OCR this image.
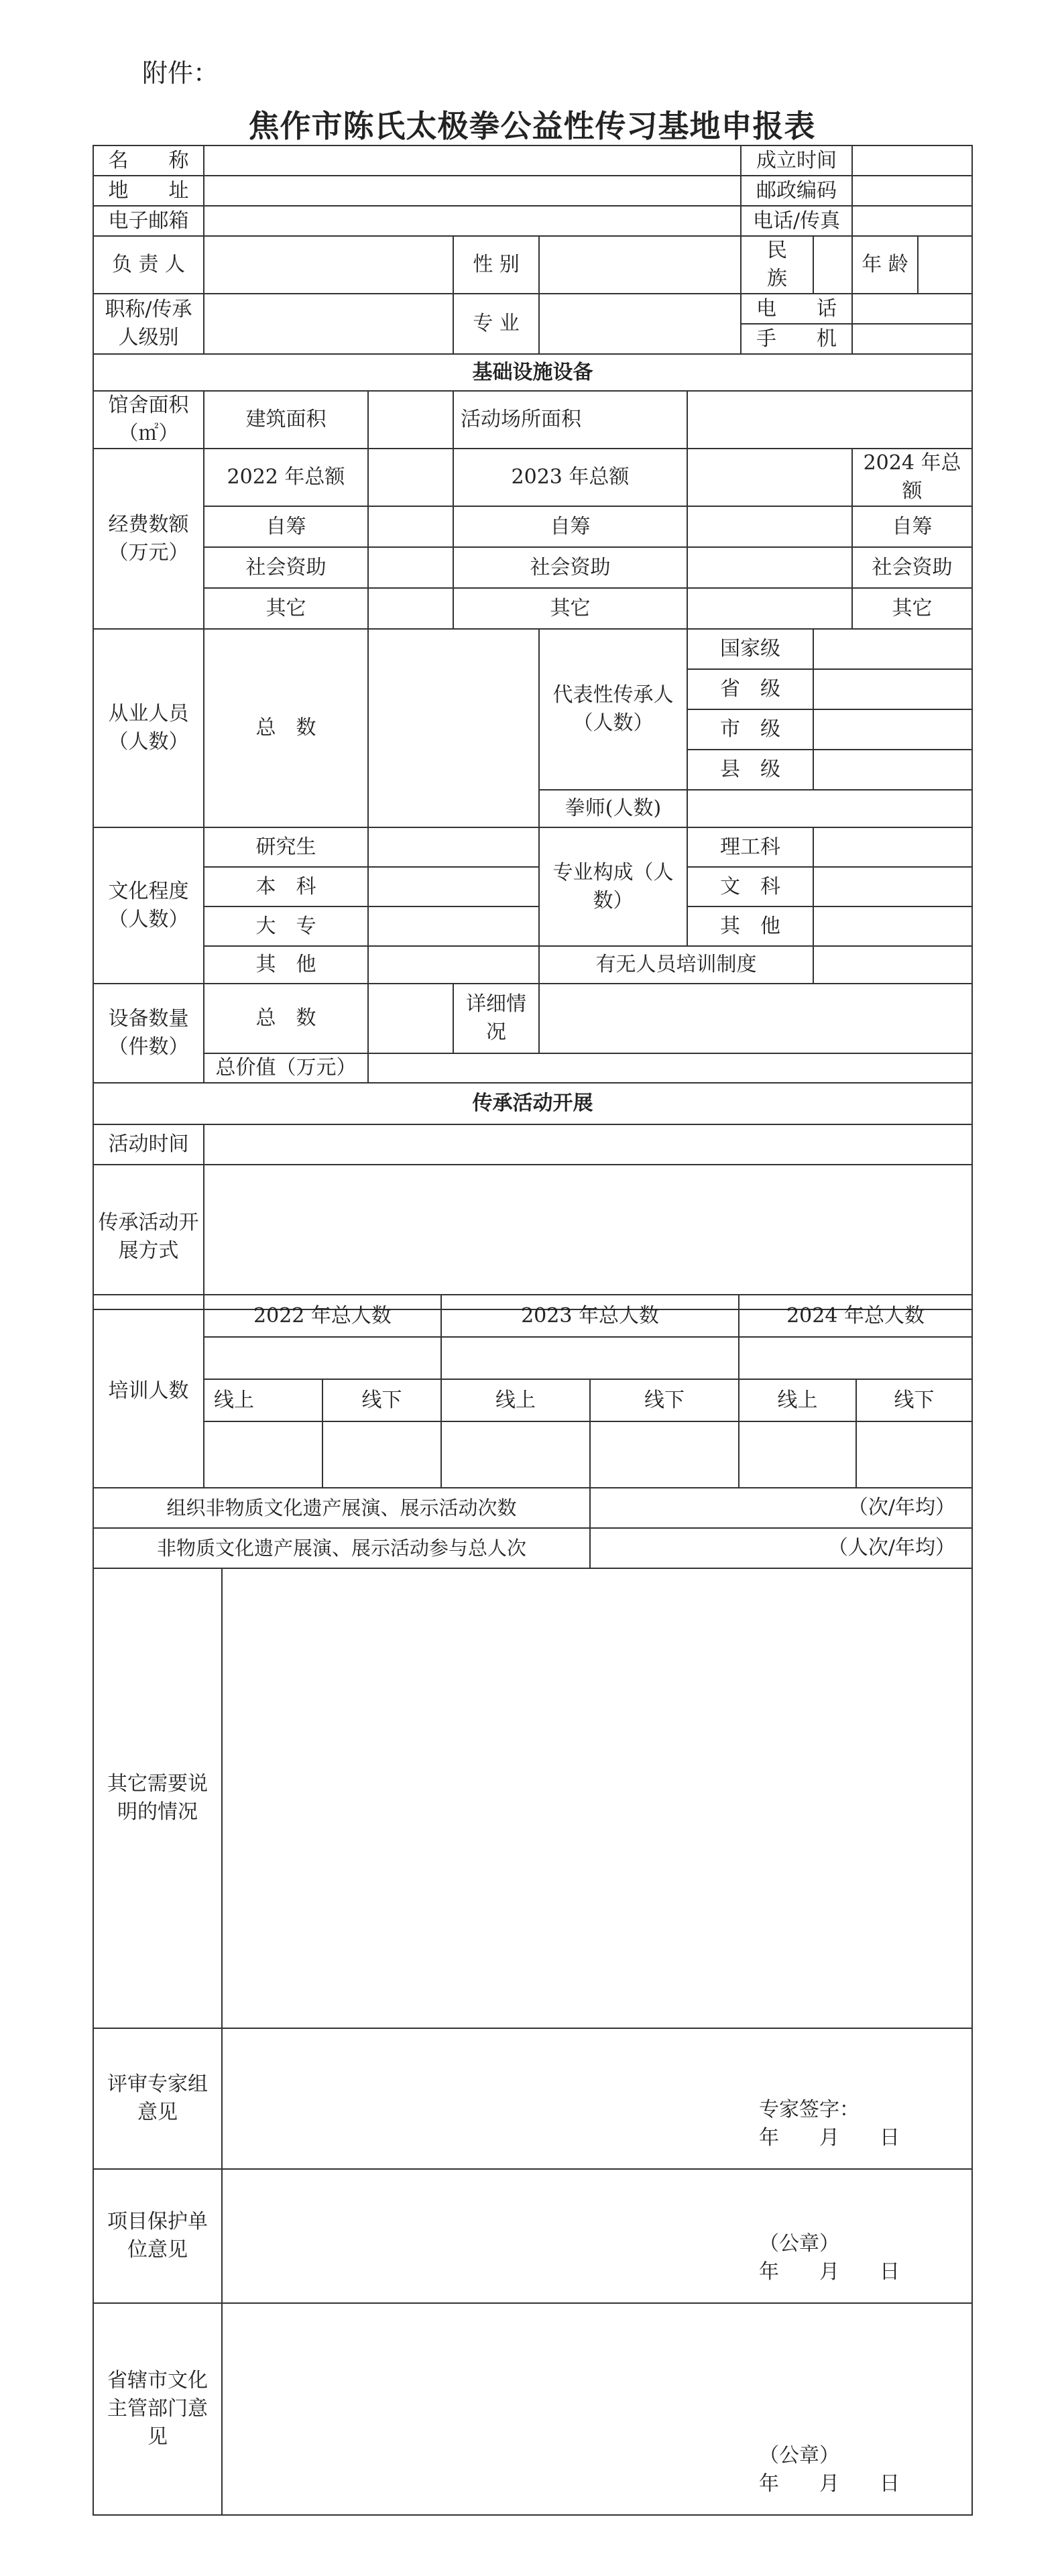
附件：
焦作市陈氏太极拳公益性传习基地申报表
名　　称						成立时间				
地　　址						邮政编码				
电子邮箱						电话/传真				
负 责 人			性 别			民　　族		年 龄		
职称/传承人级别			专 业			电　　话				
						手　　机				
基础设施设备										
馆舍面积（㎡）	建筑面积		活动场所面积							
经费数额（万元）	2022 年总额		2023 年总额					2024 年总额		
	自筹		自筹					自筹		
	社会资助		社会资助					社会资助		
	其它		其它					其它		
从业人员（人数）	总　数			代表性传承人（人数）	国家级					
					省　级					
					市　级					
					县　级					
				拳师(人数)						
文化程度（人数）	研究生			专业构成（人数）	理工科					
	本　科				文　科					
	大　专				其　他					
	其　他			有无人员培训制度						
设备数量（件数）	总　数		详细情况							
	总价值（万元）									
传承活动开展										
活动时间										
传承活动开展方式										
培训人数	2022 年总人数			2023 年总人数		2024 年总人数	

	线上		线下	线上	线下	线上	线下

组织非物质文化遗产展演、展示活动次数					（次/年均）		
非物质文化遗产展演、展示活动参与总人次					（人次/年均）		
其它需要说明的情况							
评审专家组意见		专家签字：
年　　月　　日					

项目保护单位意见		（公章）
年　　月　　日					

省辖市文化主管部门意见		（公章）
年　　月　　日					
